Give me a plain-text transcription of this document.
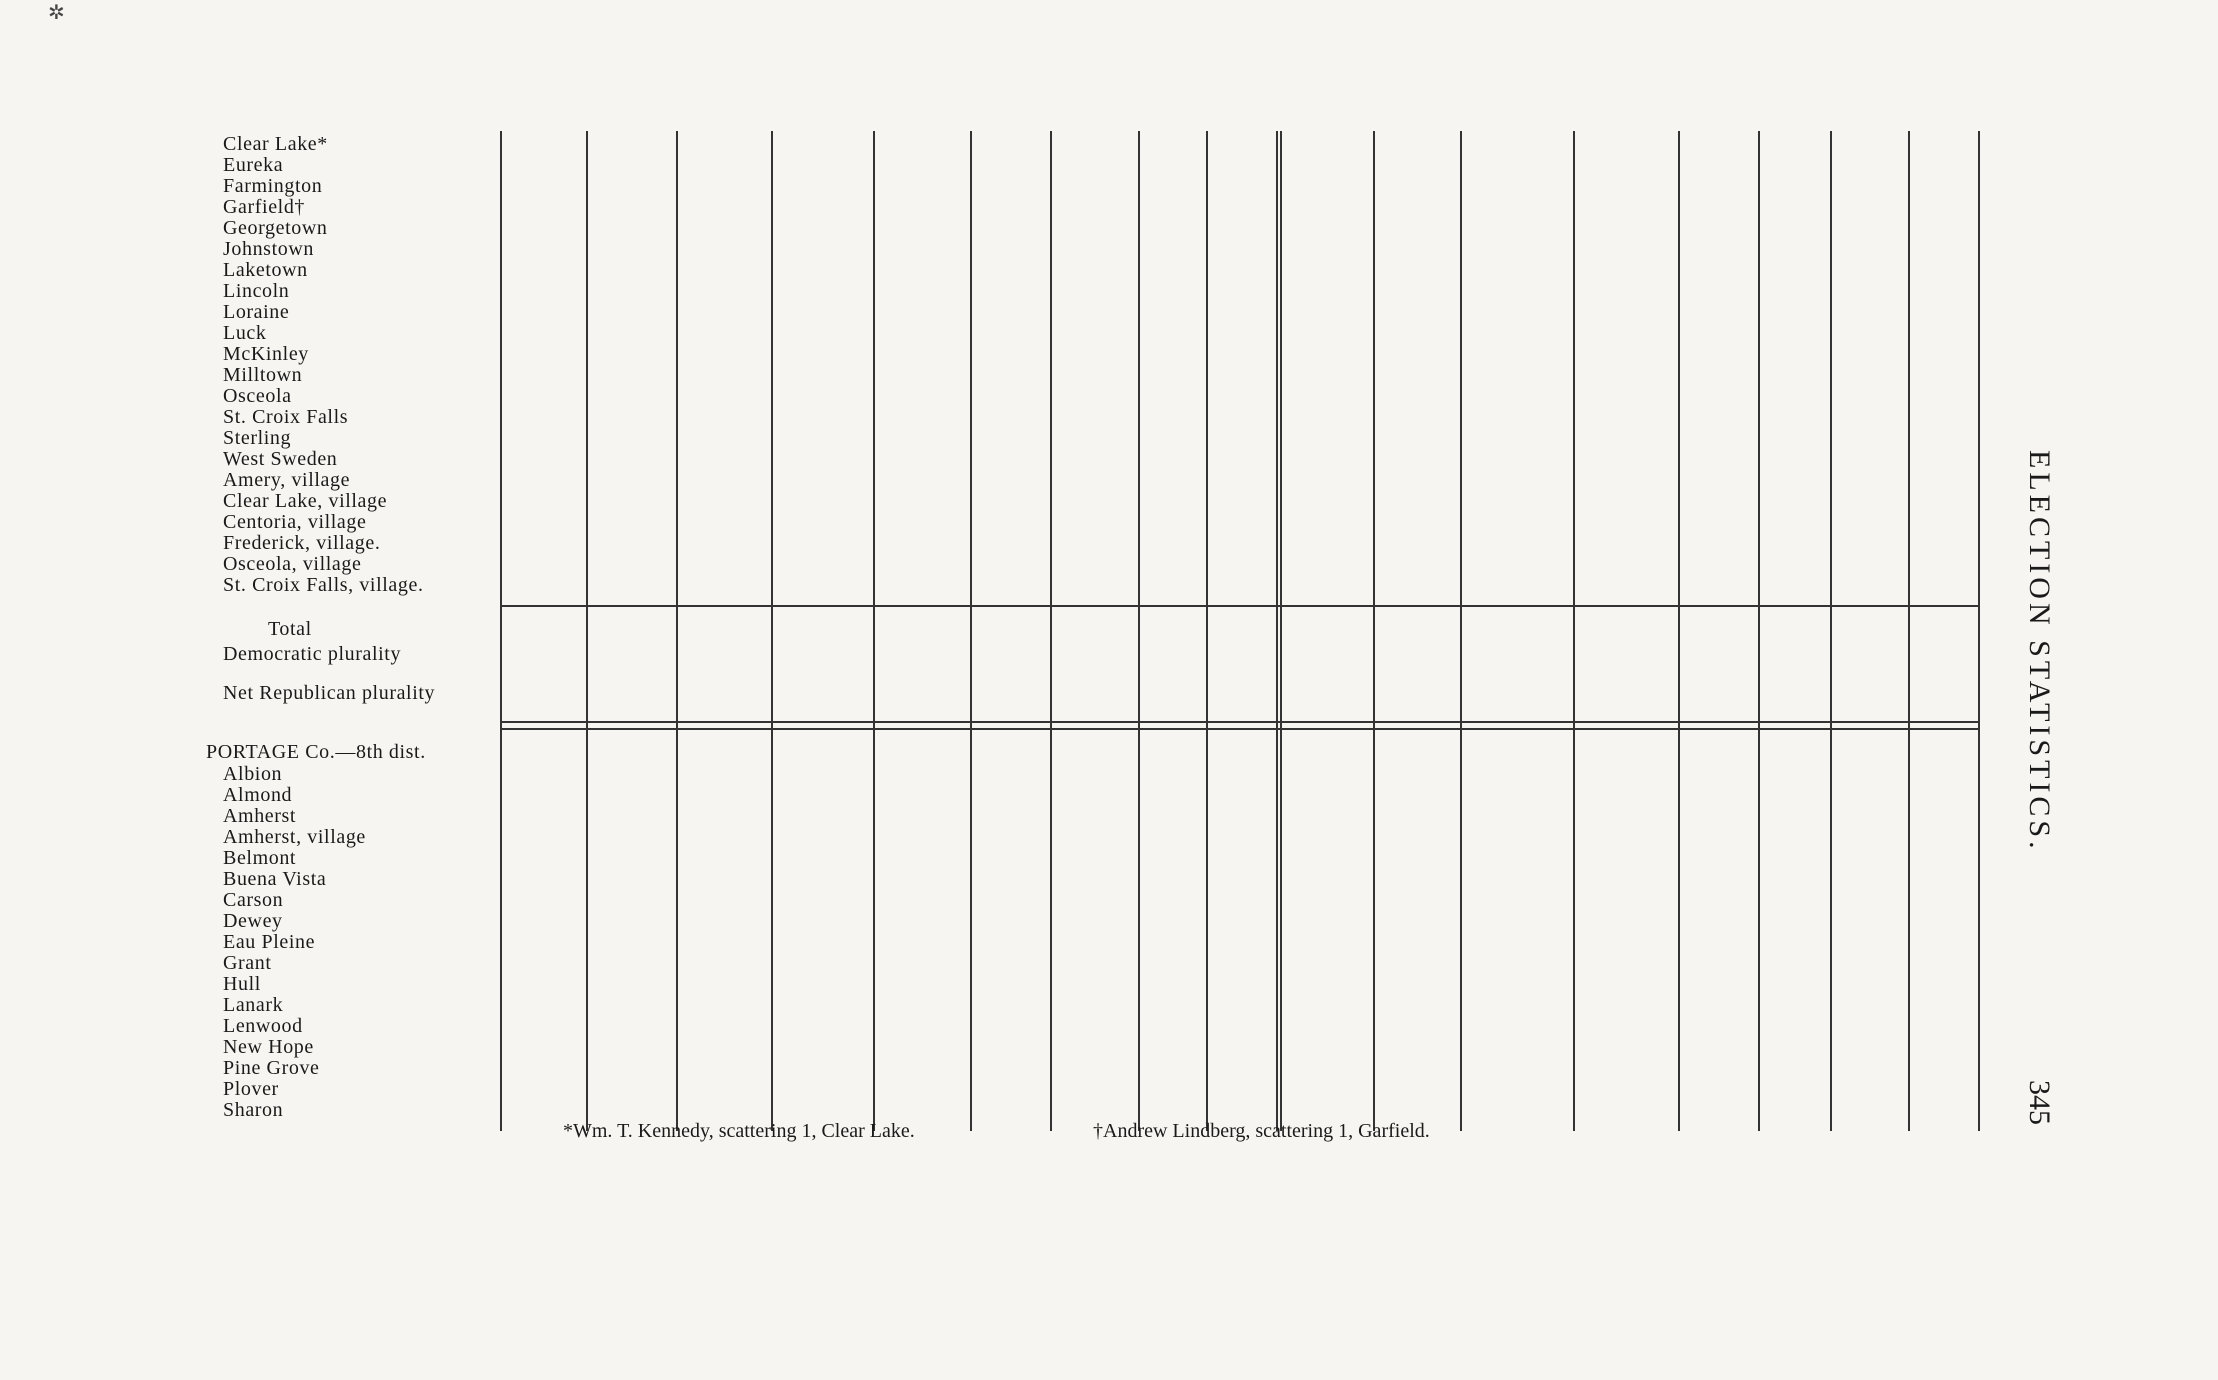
✲
Clear Lake*
Eureka
Farmington
Garfield†
Georgetown
Johnstown
Laketown
Lincoln
Loraine
Luck
McKinley
Milltown
Osceola
St. Croix Falls
Sterling
West Sweden
Amery, village
Clear Lake, village
Centoria, village
Frederick, village.
Osceola, village
St. Croix Falls, village.
Total
Democratic plurality
Net Republican plurality
PORTAGE Co.—8th dist.
Albion
Almond
Amherst
Amherst, village
Belmont
Buena Vista
Carson
Dewey
Eau Pleine
Grant
Hull
Lanark
Lenwood
New Hope
Pine Grove
Plover
Sharon
ELECTION STATISTICS.
345
*Wm. T. Kennedy, scattering 1, Clear Lake.	†Andrew Lindberg, scattering 1, Garfield.
